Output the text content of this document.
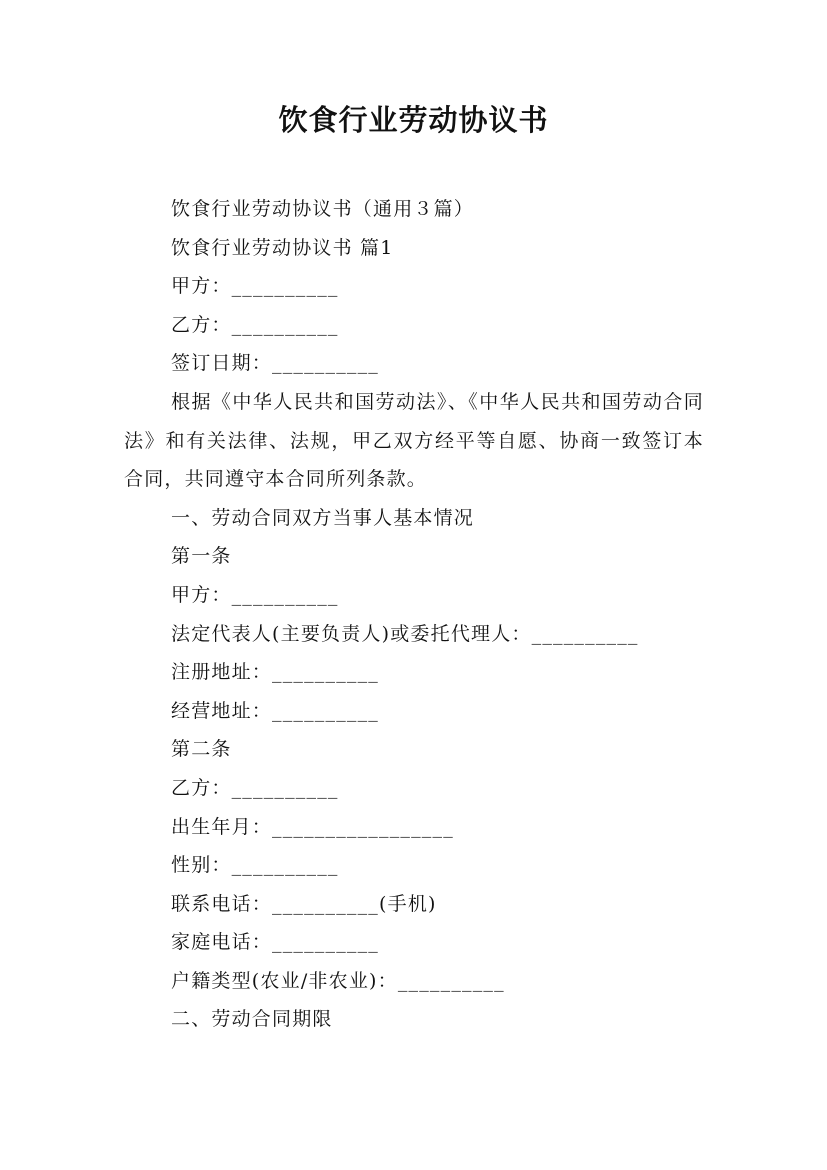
饮食行业劳动协议书

饮食行业劳动协议书（通用３篇）

饮食行业劳动协议书 篇1

甲方：__________

乙方：__________

签订日期：__________

根据《中华人民共和国劳动法》、《中华人民共和国劳动合同法》和有关法律、法规，甲乙双方经平等自愿、协商一致签订本合同，共同遵守本合同所列条款。

一、劳动合同双方当事人基本情况

第一条

甲方：__________

法定代表人(主要负责人)或委托代理人：__________

注册地址：__________

经营地址：__________

第二条

乙方：__________

出生年月：_________________

性别：__________

联系电话：__________(手机)

家庭电话：__________

户籍类型(农业/非农业)：__________

二、劳动合同期限
